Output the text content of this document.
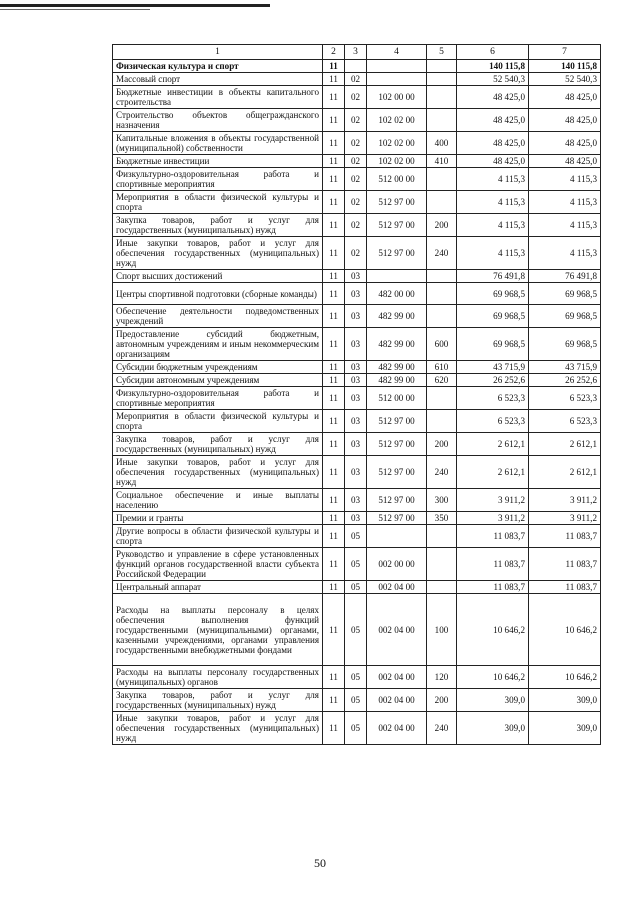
1	2	3	4	5	6	7
Физическая культура и спорт	11				140 115,8	140 115,8
Массовый спорт	11	02			52 540,3	52 540,3
Бюджетные инвестиции в объекты капитального строительства	11	02	102 00 00		48 425,0	48 425,0
Строительство объектов общегражданского назначения	11	02	102 02 00		48 425,0	48 425,0
Капитальные вложения в объекты государственной (муниципальной) собственности	11	02	102 02 00	400	48 425,0	48 425,0
Бюджетные инвестиции	11	02	102 02 00	410	48 425,0	48 425,0
Физкультурно-оздоровительная работа и спортивные мероприятия	11	02	512 00 00		4 115,3	4 115,3
Мероприятия в области физической культуры и спорта	11	02	512 97 00		4 115,3	4 115,3
Закупка товаров, работ и услуг для государственных (муниципальных) нужд	11	02	512 97 00	200	4 115,3	4 115,3
Иные закупки товаров, работ и услуг для обеспечения государственных (муниципальных) нужд	11	02	512 97 00	240	4 115,3	4 115,3
Спорт высших достижений	11	03			76 491,8	76 491,8
Центры спортивной подготовки (сборные команды)	11	03	482 00 00		69 968,5	69 968,5
Обеспечение деятельности подведомственных учреждений	11	03	482 99 00		69 968,5	69 968,5
Предоставление субсидий бюджетным, автономным учреждениям и иным некоммерческим организациям	11	03	482 99 00	600	69 968,5	69 968,5
Субсидии бюджетным учреждениям	11	03	482 99 00	610	43 715,9	43 715,9
Субсидии автономным учреждениям	11	03	482 99 00	620	26 252,6	26 252,6
Физкультурно-оздоровительная работа и спортивные мероприятия	11	03	512 00 00		6 523,3	6 523,3
Мероприятия в области физической культуры и спорта	11	03	512 97 00		6 523,3	6 523,3
Закупка товаров, работ и услуг для государственных (муниципальных) нужд	11	03	512 97 00	200	2 612,1	2 612,1
Иные закупки товаров, работ и услуг для обеспечения государственных (муниципальных) нужд	11	03	512 97 00	240	2 612,1	2 612,1
Социальное обеспечение и иные выплаты населению	11	03	512 97 00	300	3 911,2	3 911,2
Премии и гранты	11	03	512 97 00	350	3 911,2	3 911,2
Другие вопросы в области физической культуры и спорта	11	05			11 083,7	11 083,7
Руководство и управление в сфере установленных функций органов государственной власти субъекта Российской Федерации	11	05	002 00 00		11 083,7	11 083,7
Центральный аппарат	11	05	002 04 00		11 083,7	11 083,7
Расходы на выплаты персоналу в целях обеспечения выполнения функций государственными (муниципальными) органами, казенными учреждениями, органами управления государственными внебюджетными фондами	11	05	002 04 00	100	10 646,2	10 646,2
Расходы на выплаты персоналу государственных (муниципальных) органов	11	05	002 04 00	120	10 646,2	10 646,2
Закупка товаров, работ и услуг для государственных (муниципальных) нужд	11	05	002 04 00	200	309,0	309,0
Иные закупки товаров, работ и услуг для обеспечения государственных (муниципальных) нужд	11	05	002 04 00	240	309,0	309,0
50
